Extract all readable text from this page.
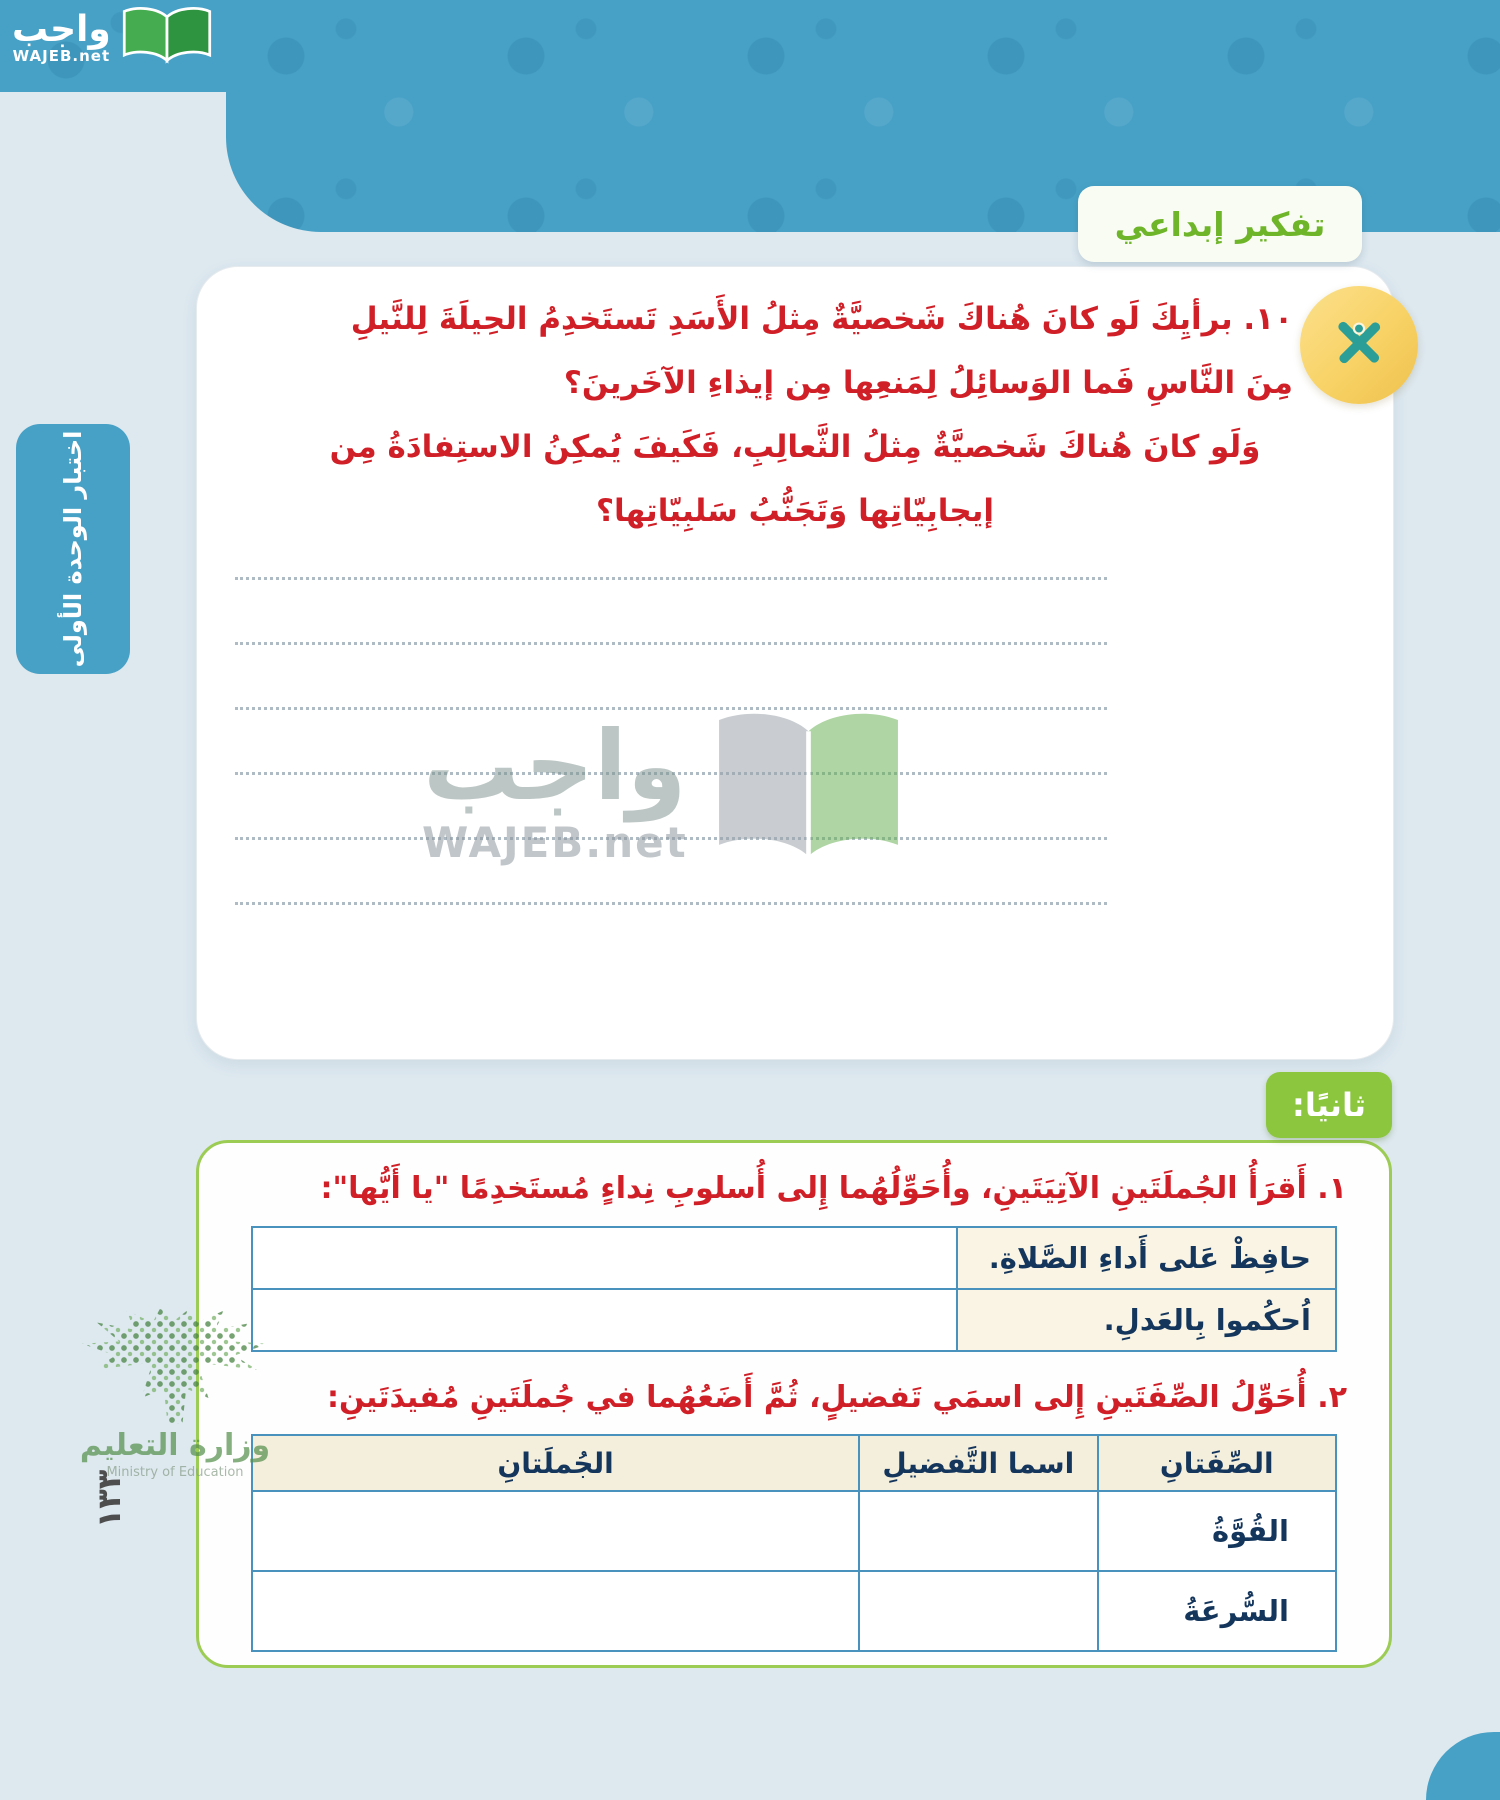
واجب
WAJEB.net
تفكير إبداعي
اختبار الوحدة الأولى
١٠. برأيِكَ لَو كانَ هُناكَ شَخصيَّةٌ مِثلُ الأَسَدِ تَستَخدِمُ الحِيلَةَ لِلنَّيلِ مِنَ النَّاسِ فَما الوَسائِلُ لِمَنعِها مِن إيذاءِ الآخَرينَ؟
وَلَو كانَ هُناكَ شَخصيَّةٌ مِثلُ الثَّعالِبِ، فَكَيفَ يُمكِنُ الاستِفادَةُ مِن إيجابِيّاتِها وَتَجَنُّبُ سَلبِيّاتِها؟
واجب
WAJEB.net
ثانيًا:
١. أَقرَأُ الجُملَتَينِ الآتِيَتَينِ، وأُحَوِّلُهُما إِلى أُسلوبِ نِداءٍ مُستَخدِمًا "يا أَيُّها":
حافِظْ عَلى أَداءِ الصَّلاةِ.	
اُحكُموا بِالعَدلِ.	
٢. أُحَوِّلُ الصِّفَتَينِ إِلى اسمَي تَفضيلٍ، ثُمَّ أَضَعُهُما في جُملَتَينِ مُفيدَتَينِ:
الصِّفَتانِ	اسما التَّفضيلِ	الجُملَتانِ
القُوَّةُ		
السُّرعَةُ		
وزارة التعليم
Ministry of Education
١٣٣
